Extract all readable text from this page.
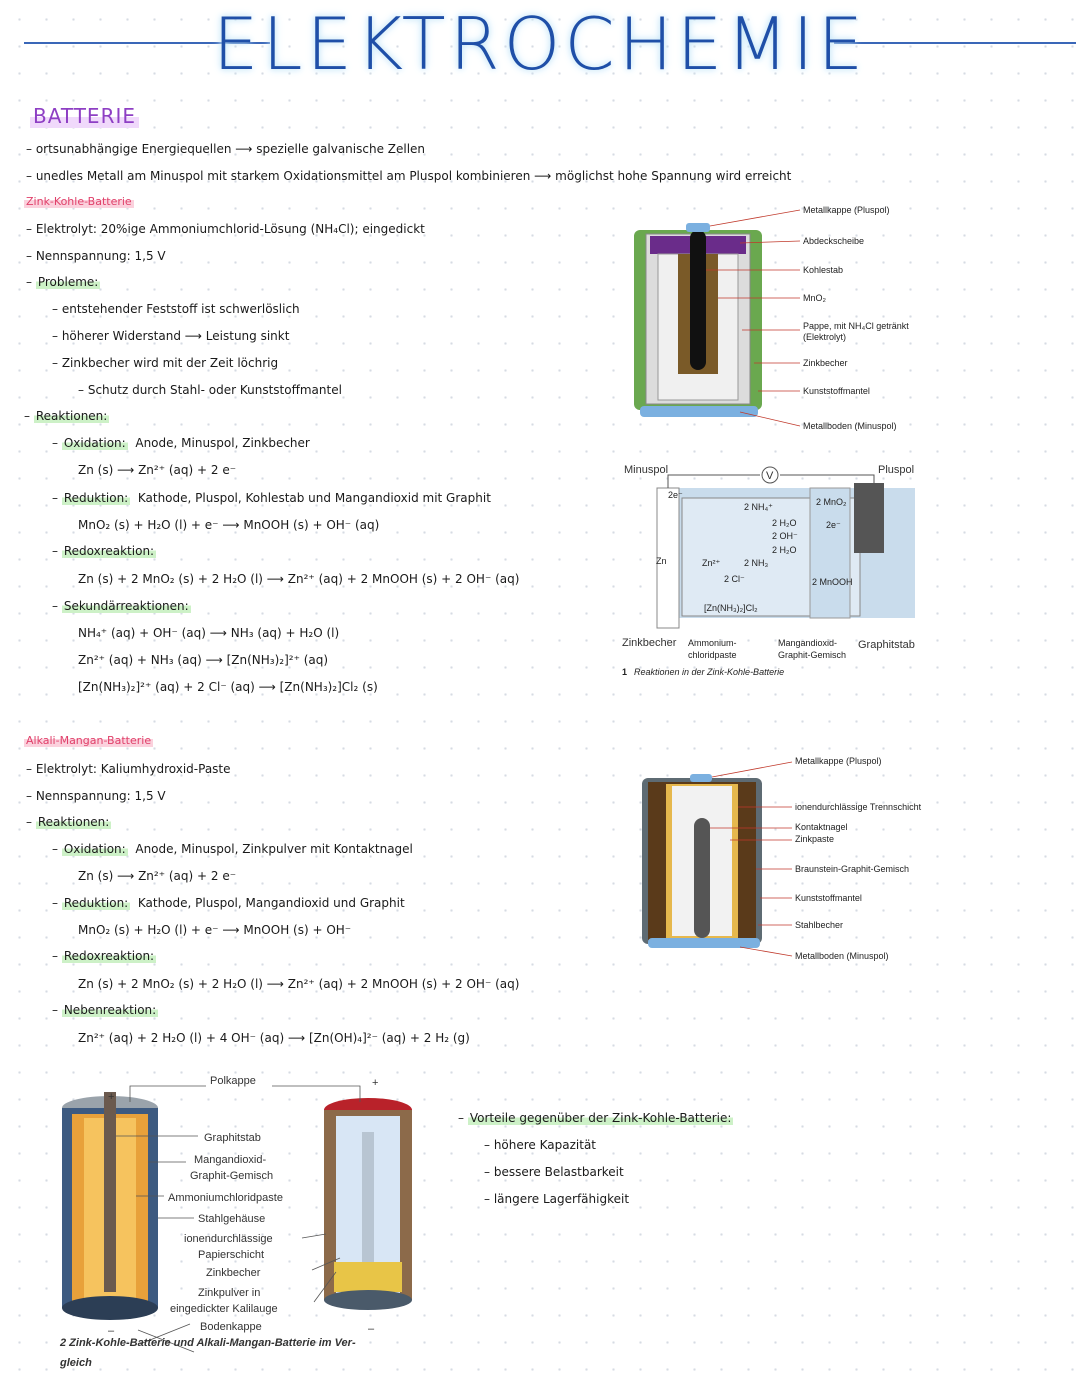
ELEKTROCHEMIE
BATTERIE
– ortsunabhängige Energiequellen ⟶ spezielle galvanische Zellen
– unedles Metall am Minuspol mit starkem Oxidationsmittel am Pluspol kombinieren ⟶ möglichst hohe Spannung wird erreicht
Zink-Kohle-Batterie
– Elektrolyt: 20%ige Ammoniumchlorid-Lösung (NH₄Cl); eingedickt
– Nennspannung: 1,5 V
– Probleme:
– entstehender Feststoff ist schwerlöslich
– höherer Widerstand ⟶ Leistung sinkt
– Zinkbecher wird mit der Zeit löchrig
– Schutz durch Stahl- oder Kunststoffmantel
– Reaktionen:
– Oxidation: Anode, Minuspol, Zinkbecher
Zn (s) ⟶ Zn²⁺ (aq) + 2 e⁻
– Reduktion: Kathode, Pluspol, Kohlestab und Mangandioxid mit Graphit
MnO₂ (s) + H₂O (l) + e⁻ ⟶ MnOOH (s) + OH⁻ (aq)
– Redoxreaktion:
Zn (s) + 2 MnO₂ (s) + 2 H₂O (l) ⟶ Zn²⁺ (aq) + 2 MnOOH (s) + 2 OH⁻ (aq)
– Sekundärreaktionen:
NH₄⁺ (aq) + OH⁻ (aq) ⟶ NH₃ (aq) + H₂O (l)
Zn²⁺ (aq) + NH₃ (aq) ⟶ [Zn(NH₃)₂]²⁺ (aq)
[Zn(NH₃)₂]²⁺ (aq) + 2 Cl⁻ (aq) ⟶ [Zn(NH₃)₂]Cl₂ (s)
Metallkappe (Pluspol)
Abdeckscheibe
Kohlestab
MnO₂
Pappe, mit NH₄Cl getränkt
(Elektrolyt)
Zinkbecher
Kunststoffmantel
Metallboden (Minuspol)
V
Minuspol	Pluspol
2e⁻
2 NH₄⁺	2 MnO₂
2 H₂O
2 OH⁻
2e⁻
2 H₂O
Zn	Zn²⁺	2 NH₃
2 Cl⁻	2 MnOOH
[Zn(NH₃)₂]Cl₂
Zinkbecher Ammonium-
chloridpaste
Mangandioxid-
Graphit-Gemisch
Graphitstab
1 Reaktionen in der Zink-Kohle-Batterie
Alkali-Mangan-Batterie
– Elektrolyt: Kaliumhydroxid-Paste
– Nennspannung: 1,5 V
– Reaktionen:
– Oxidation: Anode, Minuspol, Zinkpulver mit Kontaktnagel
Zn (s) ⟶ Zn²⁺ (aq) + 2 e⁻
– Reduktion: Kathode, Pluspol, Mangandioxid und Graphit
MnO₂ (s) + H₂O (l) + e⁻ ⟶ MnOOH (s) + OH⁻
– Redoxreaktion:
Zn (s) + 2 MnO₂ (s) + 2 H₂O (l) ⟶ Zn²⁺ (aq) + 2 MnOOH (s) + 2 OH⁻ (aq)
– Nebenreaktion:
Zn²⁺ (aq) + 2 H₂O (l) + 4 OH⁻ (aq) ⟶ [Zn(OH)₄]²⁻ (aq) + 2 H₂ (g)
Metallkappe (Pluspol)
ionendurchlässige Trennschicht
Kontaktnagel
Zinkpaste
Braunstein-Graphit-Gemisch
Kunststoffmantel
Stahlbecher
Metallboden (Minuspol)
+
–
+
–
Polkappe
Graphitstab
Mangandioxid-
Graphit-Gemisch
Ammoniumchloridpaste
Stahlgehäuse
ionendurchlässige
Papierschicht
Zinkbecher
Zinkpulver in
eingedickter Kalilauge
Bodenkappe
2 Zink-Kohle-Batterie und Alkali-Mangan-Batterie im Ver-
gleich
– Vorteile gegenüber der Zink-Kohle-Batterie:
– höhere Kapazität
– bessere Belastbarkeit
– längere Lagerfähigkeit
